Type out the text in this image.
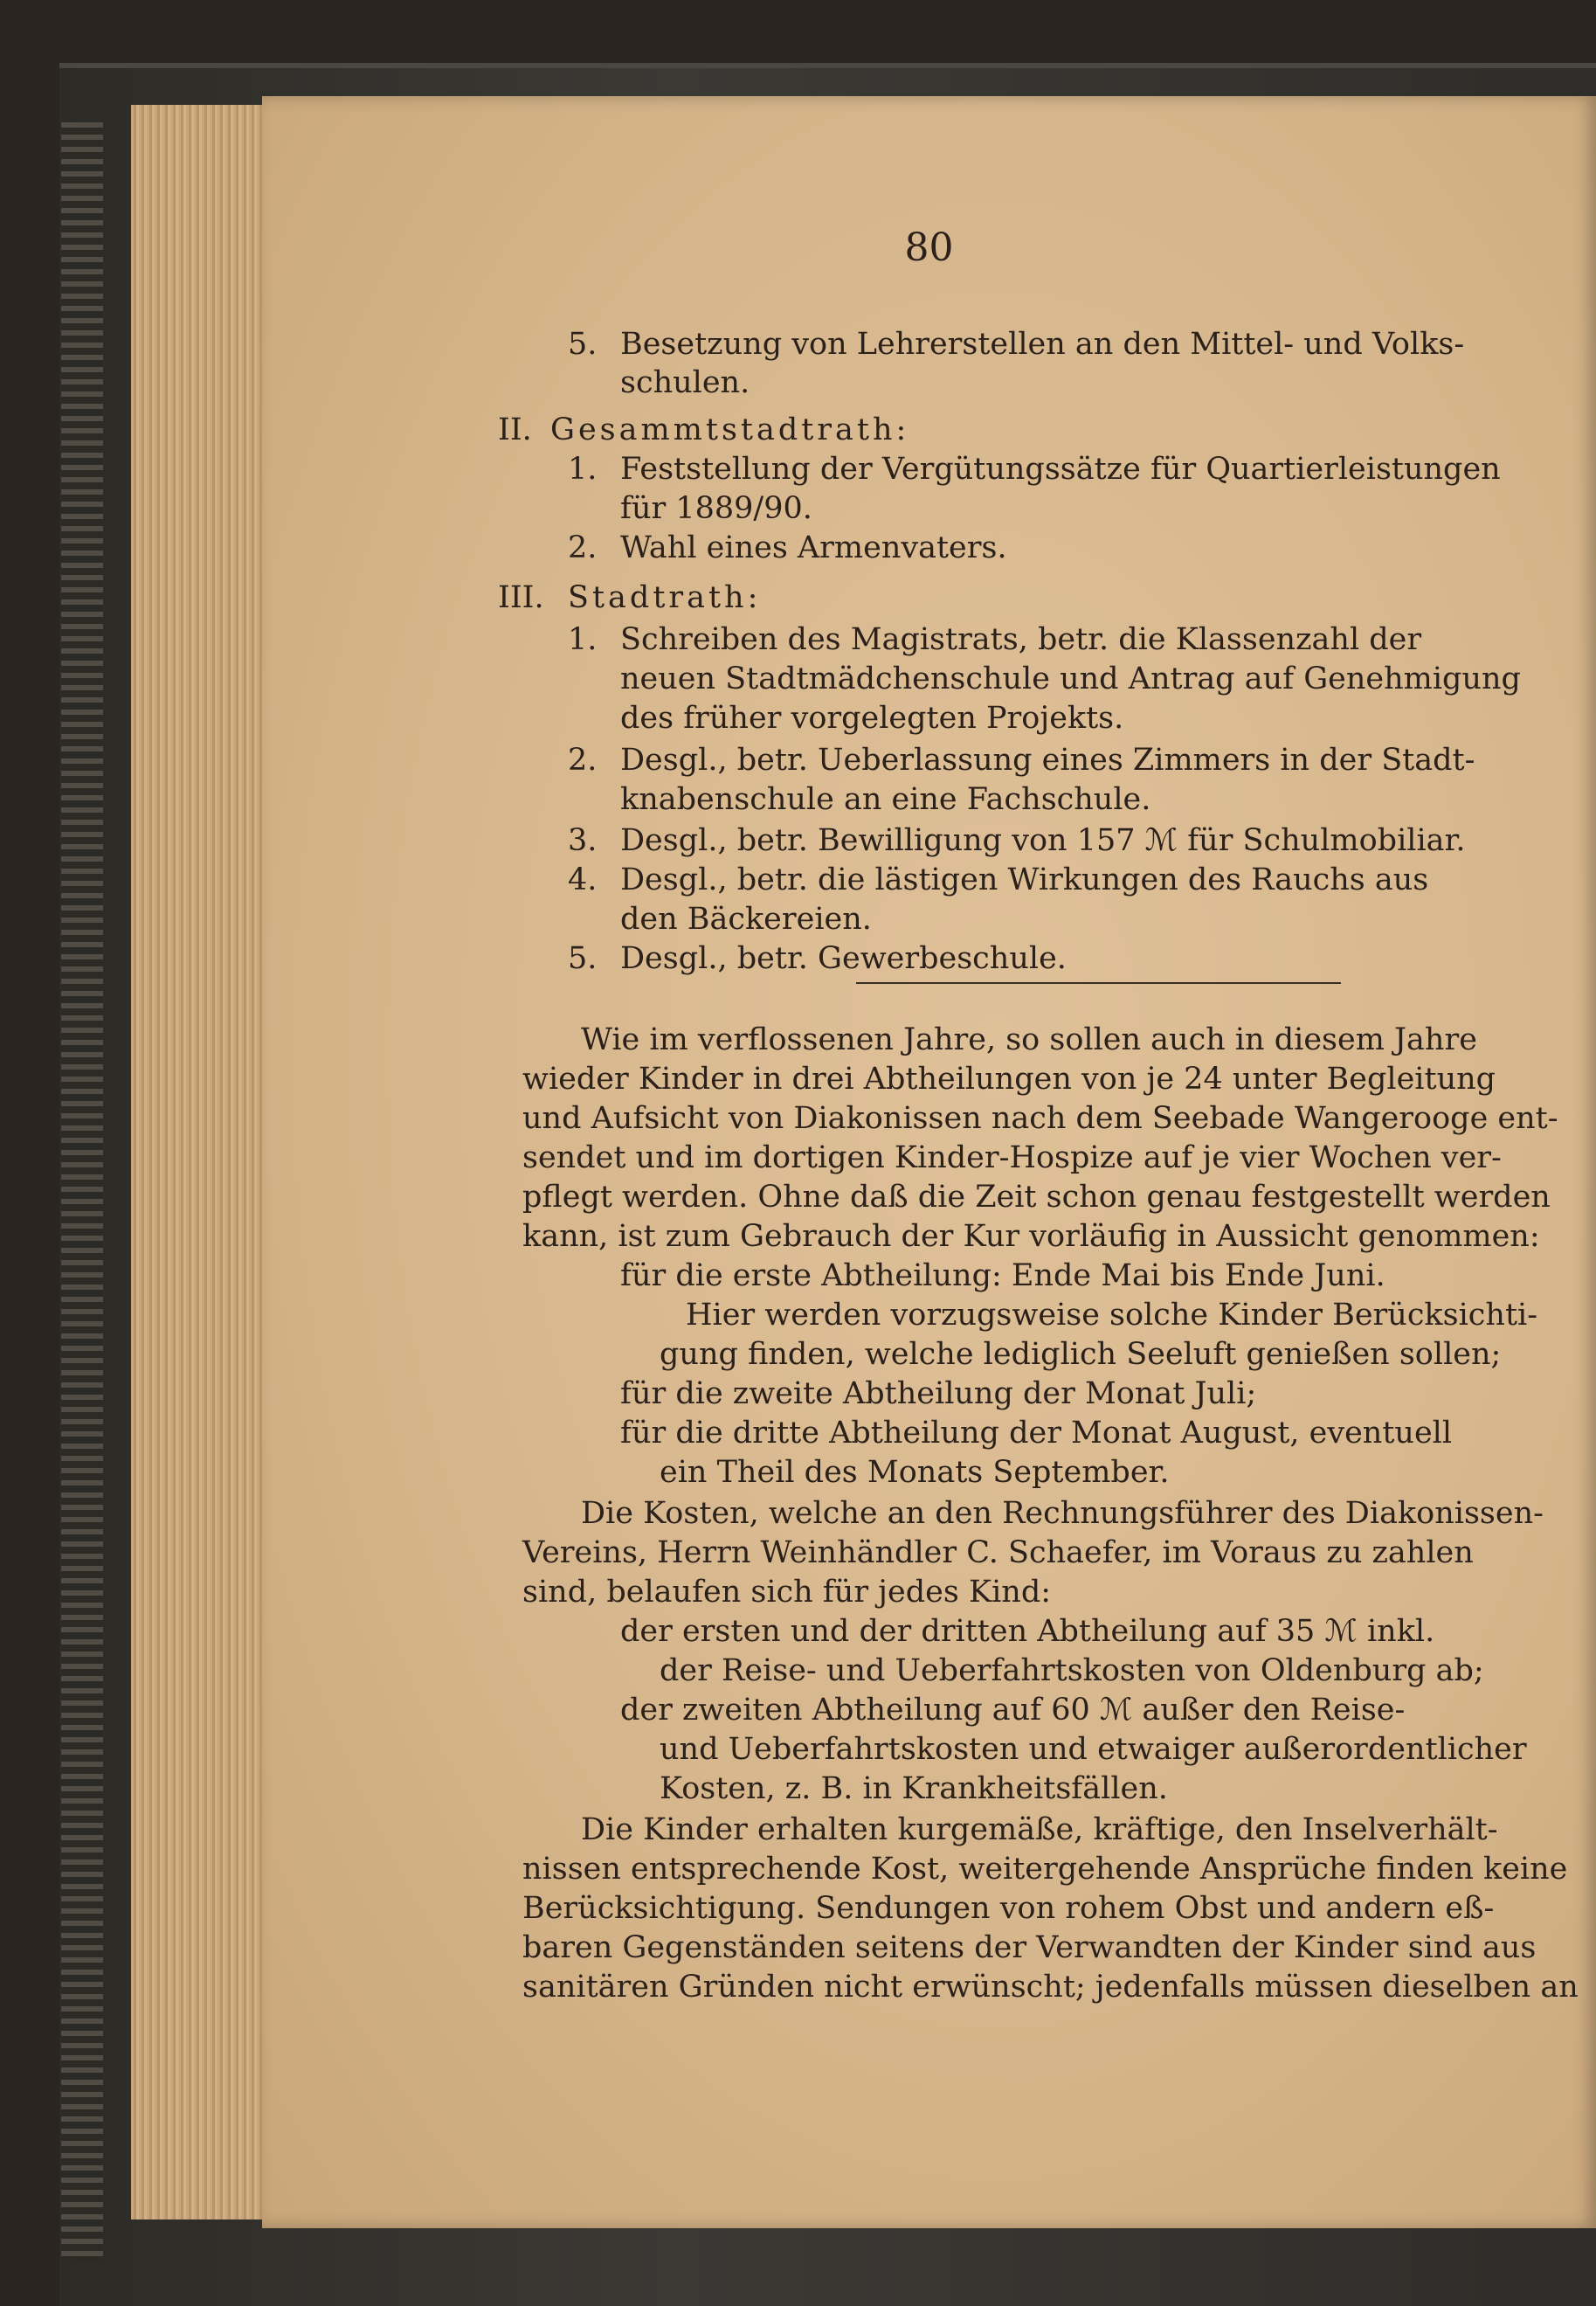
80
5. Besetzung von Lehrerstellen an den Mittel- und Volks-
schulen.
II. Gesammtstadtrath:
1. Feststellung der Vergütungssätze für Quartierleistungen
für 1889/90.
2. Wahl eines Armenvaters.
III. Stadtrath:
1. Schreiben des Magistrats, betr. die Klassenzahl der
neuen Stadtmädchenschule und Antrag auf Genehmigung
des früher vorgelegten Projekts.
2. Desgl., betr. Ueberlassung eines Zimmers in der Stadt-
knabenschule an eine Fachschule.
3. Desgl., betr. Bewilligung von 157 ℳ für Schulmobiliar.
4. Desgl., betr. die lästigen Wirkungen des Rauchs aus
den Bäckereien.
5. Desgl., betr. Gewerbeschule.
Wie im verflossenen Jahre, so sollen auch in diesem Jahre
wieder Kinder in drei Abtheilungen von je 24 unter Begleitung
und Aufsicht von Diakonissen nach dem Seebade Wangerooge ent-
sendet und im dortigen Kinder-Hospize auf je vier Wochen ver-
pflegt werden. Ohne daß die Zeit schon genau festgestellt werden
kann, ist zum Gebrauch der Kur vorläufig in Aussicht genommen:
für die erste Abtheilung: Ende Mai bis Ende Juni.
Hier werden vorzugsweise solche Kinder Berücksichti-
gung finden, welche lediglich Seeluft genießen sollen;
für die zweite Abtheilung der Monat Juli;
für die dritte Abtheilung der Monat August, eventuell
ein Theil des Monats September.
Die Kosten, welche an den Rechnungsführer des Diakonissen-
Vereins, Herrn Weinhändler C. Schaefer, im Voraus zu zahlen
sind, belaufen sich für jedes Kind:
der ersten und der dritten Abtheilung auf 35 ℳ inkl.
der Reise- und Ueberfahrtskosten von Oldenburg ab;
der zweiten Abtheilung auf 60 ℳ außer den Reise-
und Ueberfahrtskosten und etwaiger außerordentlicher
Kosten, z. B. in Krankheitsfällen.
Die Kinder erhalten kurgemäße, kräftige, den Inselverhält-
nissen entsprechende Kost, weitergehende Ansprüche finden keine
Berücksichtigung. Sendungen von rohem Obst und andern eß-
baren Gegenständen seitens der Verwandten der Kinder sind aus
sanitären Gründen nicht erwünscht; jedenfalls müssen dieselben an
